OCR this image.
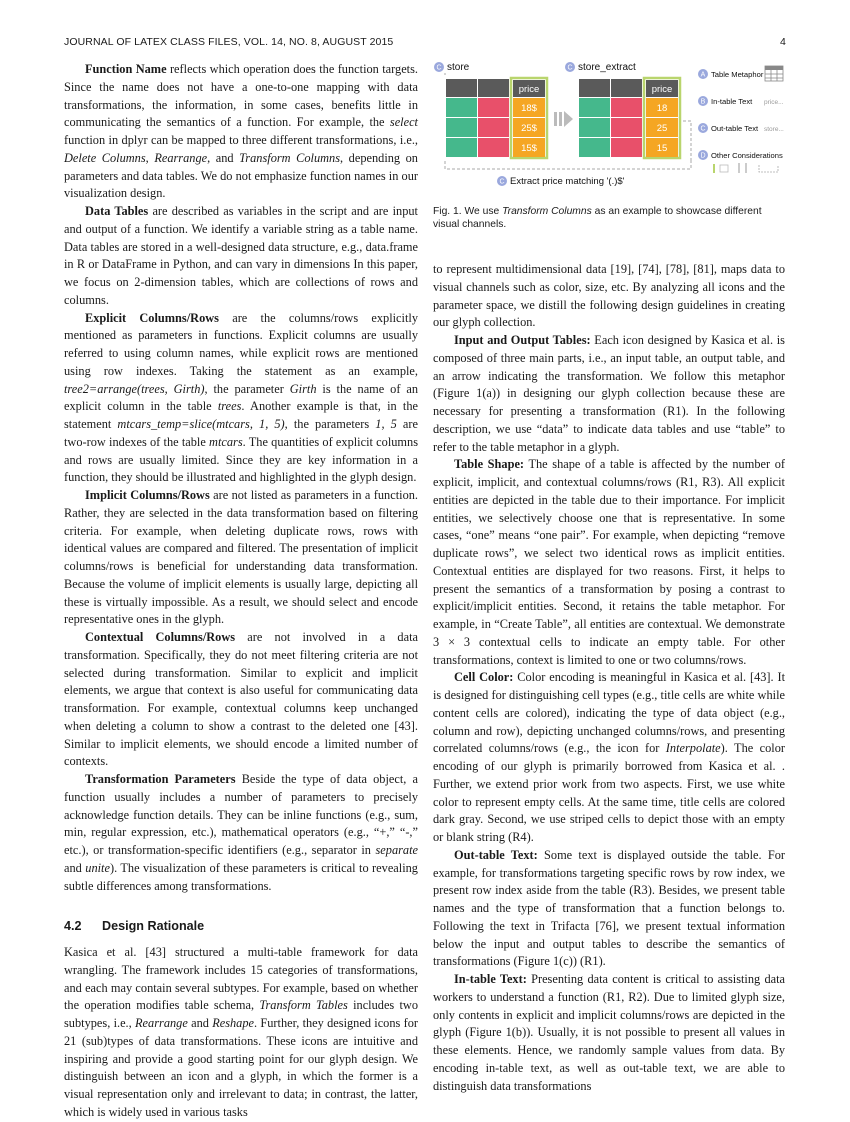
JOURNAL OF LATEX CLASS FILES, VOL. 14, NO. 8, AUGUST 2015	4

Function Name reflects which operation does the function targets. Since the name does not have a one-to-one mapping with data transformations, the information, in some cases, benefits little in communicating the semantics of a function. For example, the select function in dplyr can be mapped to three different transformations, i.e., Delete Columns, Rearrange, and Transform Columns, depending on parameters and data tables. We do not emphasize function names in our visualization design.

Data Tables are described as variables in the script and are input and output of a function. We identify a variable string as a table name. Data tables are stored in a well-designed data structure, e.g., data.frame in R or DataFrame in Python, and can vary in dimensions In this paper, we focus on 2-dimension tables, which are collections of rows and columns.

Explicit Columns/Rows are the columns/rows explicitly mentioned as parameters in functions. Explicit columns are usually referred to using column names, while explicit rows are mentioned using row indexes. Taking the statement as an example, tree2=arrange(trees, Girth), the parameter Girth is the name of an explicit column in the table trees. Another example is that, in the statement mtcars_temp=slice(mtcars, 1, 5), the parameters 1, 5 are two-row indexes of the table mtcars. The quantities of explicit columns and rows are usually limited. Since they are key information in a function, they should be illustrated and highlighted in the glyph design.

Implicit Columns/Rows are not listed as parameters in a function. Rather, they are selected in the data transformation based on filtering criteria. For example, when deleting duplicate rows, rows with identical values are compared and filtered. The presentation of implicit columns/rows is beneficial for understanding data transformation. Because the volume of implicit elements is usually large, depicting all these is virtually impossible. As a result, we should select and encode representative ones in the glyph.

Contextual Columns/Rows are not involved in a data transformation. Specifically, they do not meet filtering criteria are not selected during transformation. Similar to explicit and implicit elements, we argue that context is also useful for communicating data transformation. For example, contextual columns keep unchanged when deleting a column to show a contrast to the deleted one [43]. Similar to implicit elements, we should encode a limited number of contexts.

Transformation Parameters Beside the type of data object, a function usually includes a number of parameters to precisely acknowledge function details. They can be inline functions (e.g., sum, min, regular expression, etc.), mathematical operators (e.g., “+,” “-,” etc.), or transformation-specific identifiers (e.g., separator in separate and unite). The visualization of these parameters is critical to revealing subtle differences among transformations.

4.2 Design Rationale

Kasica et al. [43] structured a multi-table framework for data wrangling. The framework includes 15 categories of transformations, and each may contain several subtypes. For example, based on whether the operation modifies table schema, Transform Tables includes two subtypes, i.e., Rearrange and Reshape. Further, they designed icons for 21 (sub)types of data transformations. These icons are intuitive and inspiring and provide a good starting point for our glyph design. We distinguish between an icon and a glyph, in which the former is a visual representation only and irrelevant to data; in contrast, the latter, which is widely used in various tasks

C store	C store_extract
price
18$
25$
15$
price
18
25
15
C Extract price matching '(.)$'
A Table Metaphor
B In-table Text price...
C Out-table Text store...
D Other Considerations
Fig. 1. We use Transform Columns as an example to showcase different visual channels.

to represent multidimensional data [19], [74], [78], [81], maps data to visual channels such as color, size, etc. By analyzing all icons and the parameter space, we distill the following design guidelines in creating our glyph collection.

Input and Output Tables: Each icon designed by Kasica et al. is composed of three main parts, i.e., an input table, an output table, and an arrow indicating the transformation. We follow this metaphor (Figure 1(a)) in designing our glyph collection because these are necessary for presenting a transformation (R1). In the following description, we use “data” to indicate data tables and use “table” to refer to the table metaphor in a glyph.

Table Shape: The shape of a table is affected by the number of explicit, implicit, and contextual columns/rows (R1, R3). All explicit entities are depicted in the table due to their importance. For implicit entities, we selectively choose one that is representative. In some cases, “one” means “one pair”. For example, when depicting “remove duplicate rows”, we select two identical rows as implicit entities. Contextual entities are displayed for two reasons. First, it helps to present the semantics of a transformation by posing a contrast to explicit/implicit entities. Second, it retains the table metaphor. For example, in “Create Table”, all entities are contextual. We demonstrate 3 × 3 contextual cells to indicate an empty table. For other transformations, context is limited to one or two columns/rows.

Cell Color: Color encoding is meaningful in Kasica et al. [43]. It is designed for distinguishing cell types (e.g., title cells are white while content cells are colored), indicating the type of data object (e.g., column and row), depicting unchanged columns/rows, and presenting correlated columns/rows (e.g., the icon for Interpolate). The color encoding of our glyph is primarily borrowed from Kasica et al. . Further, we extend prior work from two aspects. First, we use white color to represent empty cells. At the same time, title cells are colored dark gray. Second, we use striped cells to depict those with an empty or blank string (R4).

Out-table Text: Some text is displayed outside the table. For example, for transformations targeting specific rows by row index, we present row index aside from the table (R3). Besides, we present table names and the type of transformation that a function belongs to. Following the text in Trifacta [76], we present textual information below the input and output tables to describe the semantics of transformations (Figure 1(c)) (R1).

In-table Text: Presenting data content is critical to assisting data workers to understand a function (R1, R2). Due to limited glyph size, only contents in explicit and implicit columns/rows are depicted in the glyph (Figure 1(b)). Usually, it is not possible to present all values in these elements. Hence, we randomly sample values from data. By encoding in-table text, as well as out-table text, we are able to distinguish data transformations
